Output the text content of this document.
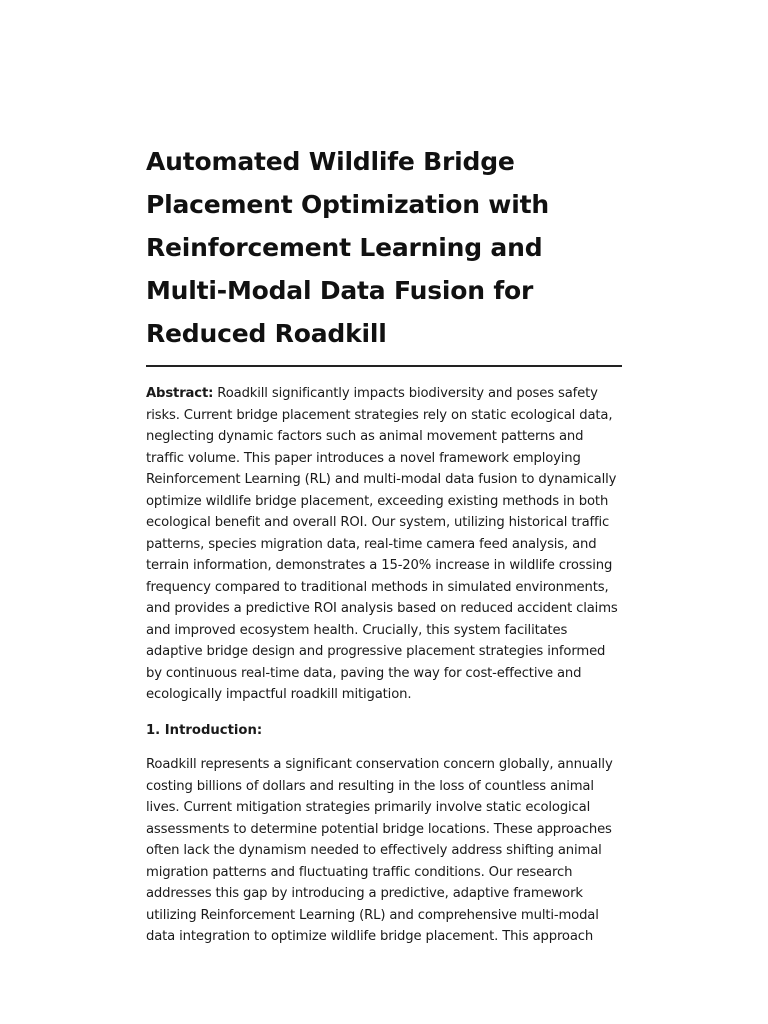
Automated Wildlife Bridge Placement Optimization with Reinforcement Learning and Multi-Modal Data Fusion for Reduced Roadkill

Abstract: Roadkill significantly impacts biodiversity and poses safety risks. Current bridge placement strategies rely on static ecological data, neglecting dynamic factors such as animal movement patterns and traffic volume. This paper introduces a novel framework employing Reinforcement Learning (RL) and multi-modal data fusion to dynamically optimize wildlife bridge placement, exceeding existing methods in both ecological benefit and overall ROI. Our system, utilizing historical traffic patterns, species migration data, real-time camera feed analysis, and terrain information, demonstrates a 15-20% increase in wildlife crossing frequency compared to traditional methods in simulated environments, and provides a predictive ROI analysis based on reduced accident claims and improved ecosystem health. Crucially, this system facilitates adaptive bridge design and progressive placement strategies informed by continuous real-time data, paving the way for cost-effective and ecologically impactful roadkill mitigation.

1. Introduction:

Roadkill represents a significant conservation concern globally, annually costing billions of dollars and resulting in the loss of countless animal lives. Current mitigation strategies primarily involve static ecological assessments to determine potential bridge locations. These approaches often lack the dynamism needed to effectively address shifting animal migration patterns and fluctuating traffic conditions. Our research addresses this gap by introducing a predictive, adaptive framework utilizing Reinforcement Learning (RL) and comprehensive multi-modal data integration to optimize wildlife bridge placement. This approach
